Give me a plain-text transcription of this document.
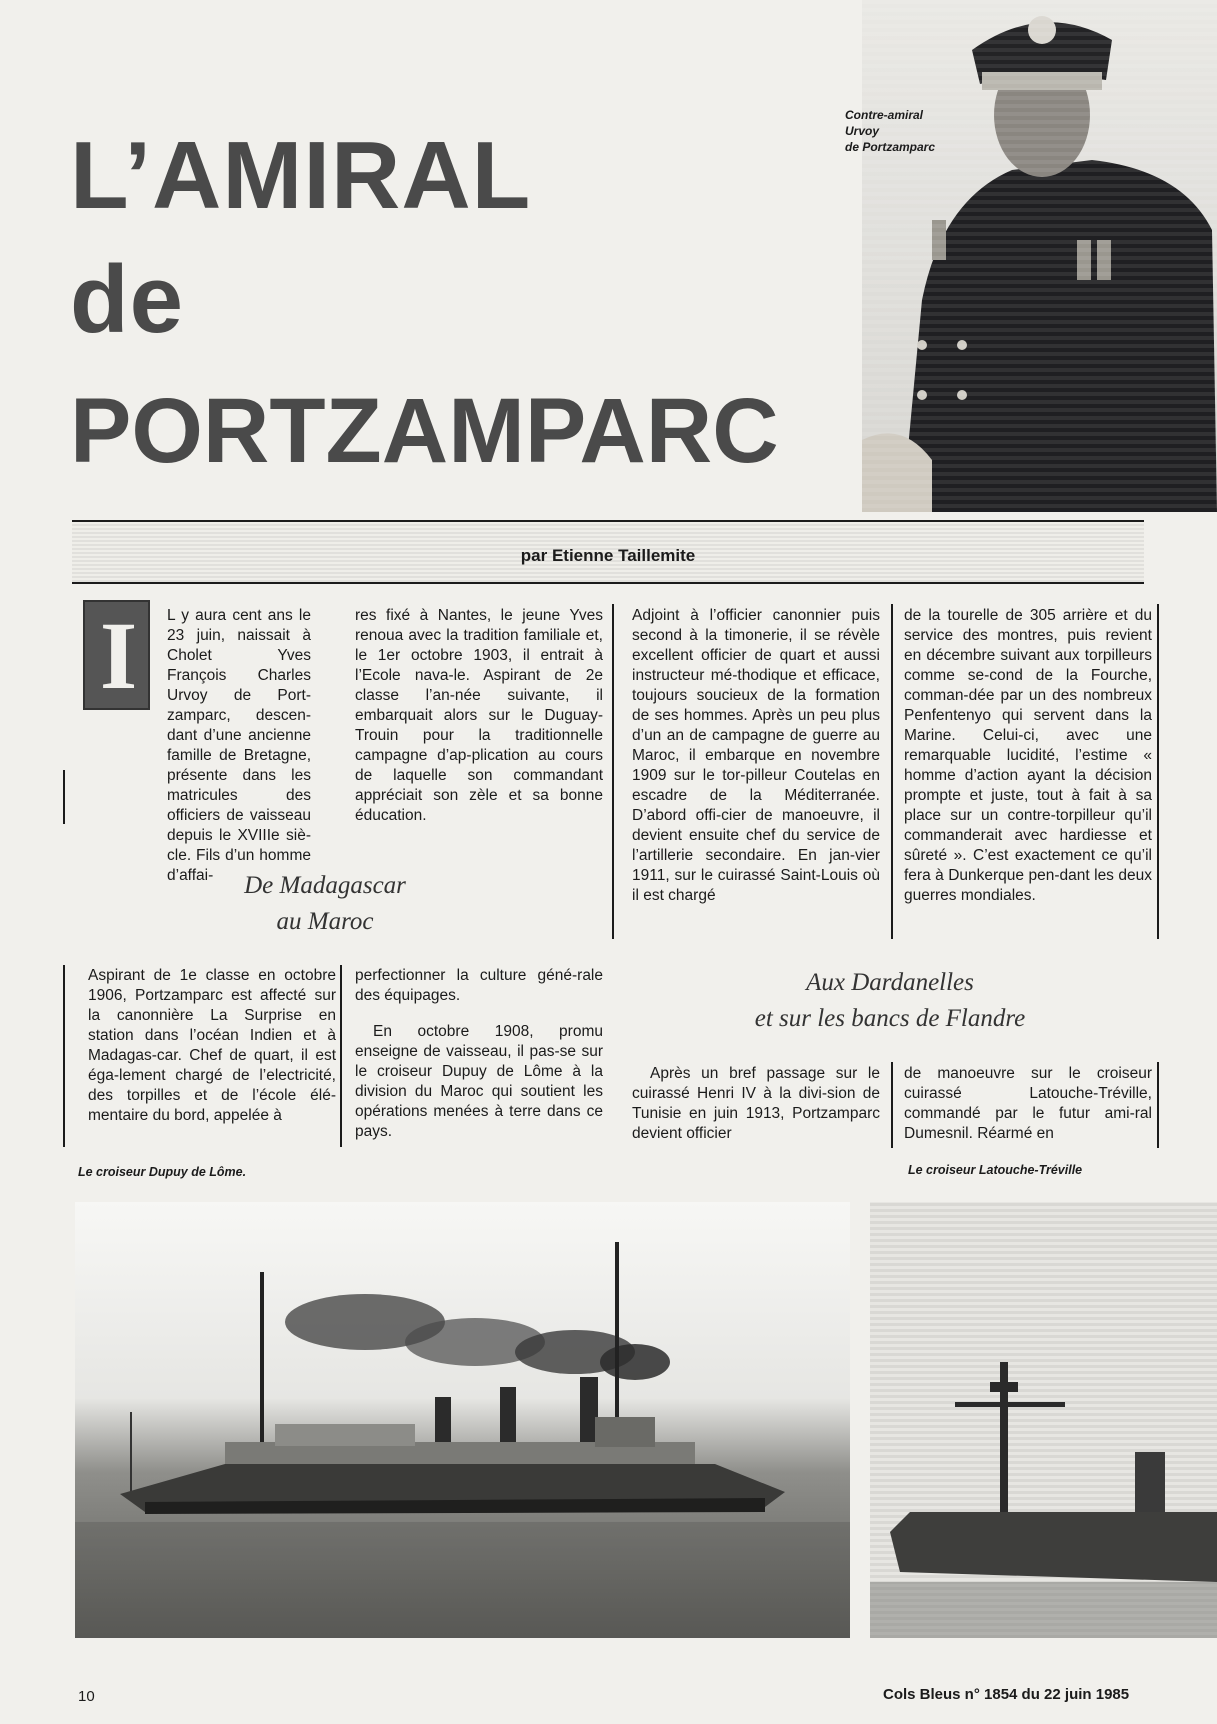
L’AMIRAL
de
PORTZAMPARC
Contre-amiral
Urvoy
de Portzamparc
par Etienne Taillemite
I	L y aura cent ans le 23 juin, naissait à Cholet Yves François Charles Urvoy de Port- zamparc, descen- dant d’une ancienne famille de Bretagne, présente dans les matricules des officiers de vaisseau depuis le XVIIIe siè-cle. Fils d’un homme d’affai-

res fixé à Nantes, le jeune Yves renoua avec la tradition familiale et, le 1er octobre 1903, il entrait à l’Ecole nava-le. Aspirant de 2e classe l’an-née suivante, il embarquait alors sur le Duguay-Trouin pour la traditionnelle campagne d’ap-plication au cours de laquelle son commandant appréciait son zèle et sa bonne éducation.
Adjoint à l’officier canonnier puis second à la timonerie, il se révèle excellent officier de quart et aussi instructeur mé-thodique et efficace, toujours soucieux de la formation de ses hommes. Après un peu plus d’un an de campagne de guerre au Maroc, il embarque en novembre 1909 sur le tor-pilleur Coutelas en escadre de la Méditerranée. D’abord offi-cier de manoeuvre, il devient ensuite chef du service de l’artillerie secondaire. En jan-vier 1911, sur le cuirassé Saint-Louis où il est chargé
de la tourelle de 305 arrière et du service des montres, puis revient en décembre suivant aux torpilleurs comme se-cond de la Fourche, comman-dée par un des nombreux Penfentenyo qui servent dans la Marine. Celui-ci, avec une remarquable lucidité, l’estime « homme d’action ayant la décision prompte et juste, tout à fait à sa place sur un contre-torpilleur qu’il commanderait avec hardiesse et sûreté ». C’est exactement ce qu’il fera à Dunkerque pen-dant les deux guerres mondiales.
De Madagascar
au Maroc
Aspirant de 1e classe en octobre 1906, Portzamparc est affecté sur la canonnière La Surprise en station dans l’océan Indien et à Madagas-car. Chef de quart, il est éga-lement chargé de l’electricité, des torpilles et de l’école élé-mentaire du bord, appelée à

perfectionner la culture géné-rale des équipages.

En octobre 1908, promu enseigne de vaisseau, il pas-se sur le croiseur Dupuy de Lôme à la division du Maroc qui soutient les opérations menées à terre dans ce pays.

Aux Dardanelles
et sur les bancs de Flandre
Après un bref passage sur le cuirassé Henri IV à la divi-sion de Tunisie en juin 1913, Portzamparc devient officier
de manoeuvre sur le croiseur cuirassé Latouche-Tréville, commandé par le futur ami-ral Dumesnil. Réarmé en
Le croiseur Dupuy de Lôme.	Le croiseur Latouche-Tréville
10	Cols Bleus n° 1854 du 22 juin 1985
